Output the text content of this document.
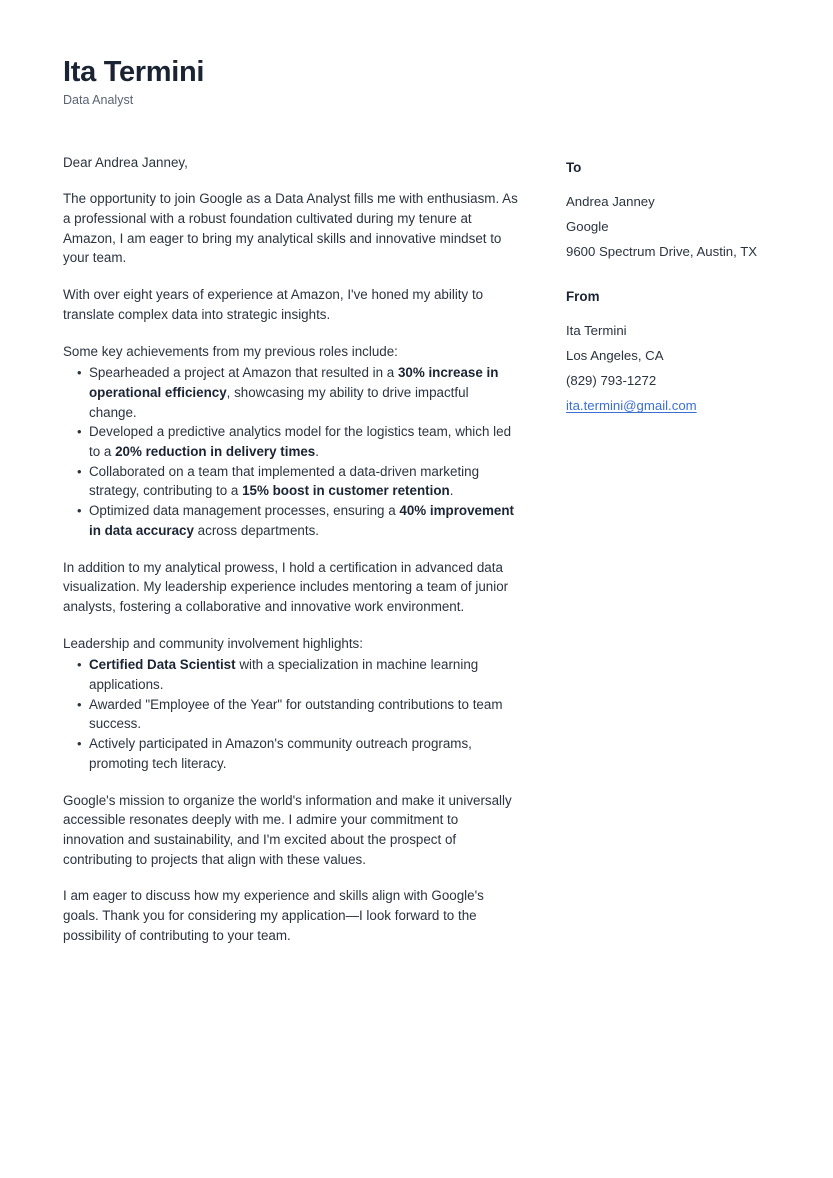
Ita Termini
Data Analyst

Dear Andrea Janney,

The opportunity to join Google as a Data Analyst fills me with enthusiasm. As a professional with a robust foundation cultivated during my tenure at Amazon, I am eager to bring my analytical skills and innovative mindset to your team.

With over eight years of experience at Amazon, I've honed my ability to translate complex data into strategic insights.

Some key achievements from my previous roles include:

• Spearheaded a project at Amazon that resulted in a 30% increase in operational efficiency, showcasing my ability to drive impactful change.
• Developed a predictive analytics model for the logistics team, which led to a 20% reduction in delivery times.
• Collaborated on a team that implemented a data-driven marketing strategy, contributing to a 15% boost in customer retention.
• Optimized data management processes, ensuring a 40% improvement in data accuracy across departments.

In addition to my analytical prowess, I hold a certification in advanced data visualization. My leadership experience includes mentoring a team of junior analysts, fostering a collaborative and innovative work environment.

Leadership and community involvement highlights:

• Certified Data Scientist with a specialization in machine learning applications.
• Awarded "Employee of the Year" for outstanding contributions to team success.
• Actively participated in Amazon's community outreach programs, promoting tech literacy.

Google's mission to organize the world's information and make it universally accessible resonates deeply with me. I admire your commitment to innovation and sustainability, and I'm excited about the prospect of contributing to projects that align with these values.

I am eager to discuss how my experience and skills align with Google's goals. Thank you for considering my application—I look forward to the possibility of contributing to your team.

To
Andrea Janney
Google
9600 Spectrum Drive, Austin, TX
From
Ita Termini
Los Angeles, CA
(829) 793-1272
ita.termini@gmail.com
